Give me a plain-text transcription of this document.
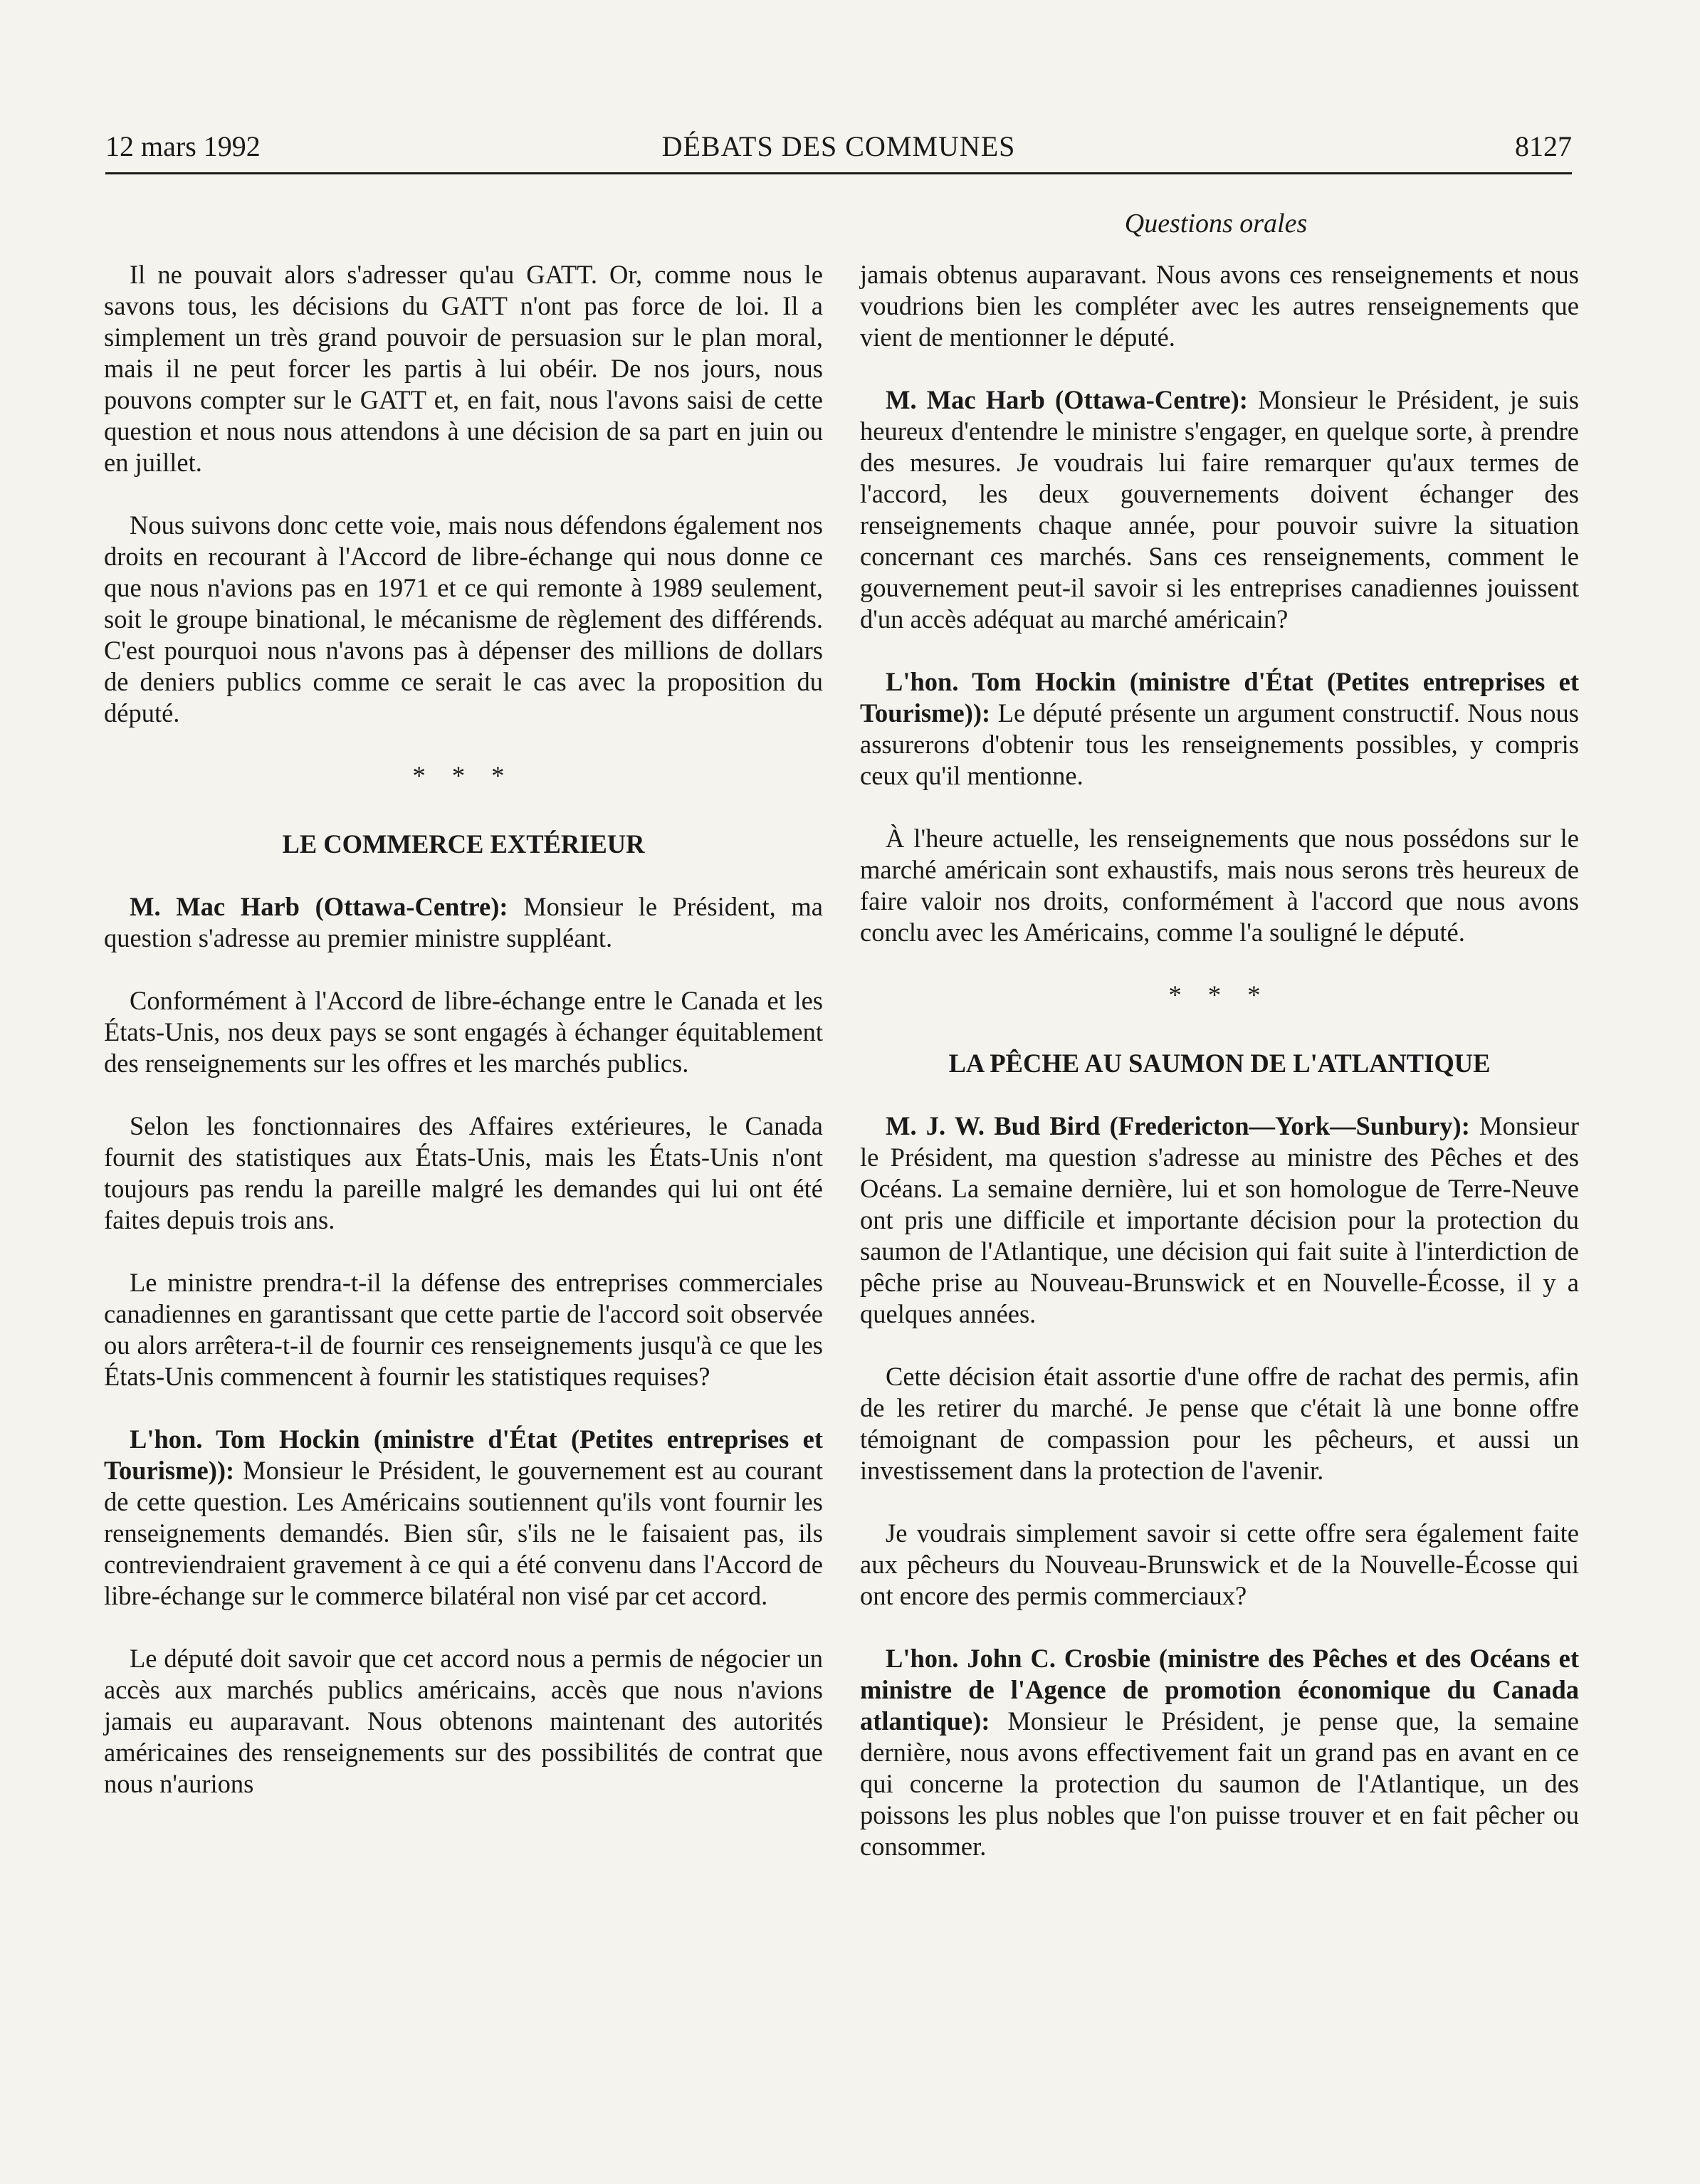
12 mars 1992	DÉBATS DES COMMUNES	8127
Questions orales

Il ne pouvait alors s'adresser qu'au GATT. Or, comme nous le savons tous, les décisions du GATT n'ont pas force de loi. Il a simplement un très grand pouvoir de persuasion sur le plan moral, mais il ne peut forcer les partis à lui obéir. De nos jours, nous pouvons compter sur le GATT et, en fait, nous l'avons saisi de cette question et nous nous attendons à une décision de sa part en juin ou en juillet.

Nous suivons donc cette voie, mais nous défendons également nos droits en recourant à l'Accord de libre-échange qui nous donne ce que nous n'avions pas en 1971 et ce qui remonte à 1989 seulement, soit le groupe binational, le mécanisme de règlement des différends. C'est pourquoi nous n'avons pas à dépenser des millions de dollars de deniers publics comme ce serait le cas avec la proposition du député.

* * *

LE COMMERCE EXTÉRIEUR

M. Mac Harb (Ottawa-Centre): Monsieur le Président, ma question s'adresse au premier ministre suppléant.

Conformément à l'Accord de libre-échange entre le Canada et les États-Unis, nos deux pays se sont engagés à échanger équitablement des renseignements sur les offres et les marchés publics.

Selon les fonctionnaires des Affaires extérieures, le Canada fournit des statistiques aux États-Unis, mais les États-Unis n'ont toujours pas rendu la pareille malgré les demandes qui lui ont été faites depuis trois ans.

Le ministre prendra-t-il la défense des entreprises commerciales canadiennes en garantissant que cette partie de l'accord soit observée ou alors arrêtera-t-il de fournir ces renseignements jusqu'à ce que les États-Unis commencent à fournir les statistiques requises?

L'hon. Tom Hockin (ministre d'État (Petites entreprises et Tourisme)): Monsieur le Président, le gouvernement est au courant de cette question. Les Américains soutiennent qu'ils vont fournir les renseignements demandés. Bien sûr, s'ils ne le faisaient pas, ils contreviendraient gravement à ce qui a été convenu dans l'Accord de libre-échange sur le commerce bilatéral non visé par cet accord.

Le député doit savoir que cet accord nous a permis de négocier un accès aux marchés publics américains, accès que nous n'avions jamais eu auparavant. Nous obtenons maintenant des autorités américaines des renseignements sur des possibilités de contrat que nous n'aurions

jamais obtenus auparavant. Nous avons ces renseignements et nous voudrions bien les compléter avec les autres renseignements que vient de mentionner le député.

M. Mac Harb (Ottawa-Centre): Monsieur le Président, je suis heureux d'entendre le ministre s'engager, en quelque sorte, à prendre des mesures. Je voudrais lui faire remarquer qu'aux termes de l'accord, les deux gouvernements doivent échanger des renseignements chaque année, pour pouvoir suivre la situation concernant ces marchés. Sans ces renseignements, comment le gouvernement peut-il savoir si les entreprises canadiennes jouissent d'un accès adéquat au marché américain?

L'hon. Tom Hockin (ministre d'État (Petites entreprises et Tourisme)): Le député présente un argument constructif. Nous nous assurerons d'obtenir tous les renseignements possibles, y compris ceux qu'il mentionne.

À l'heure actuelle, les renseignements que nous possédons sur le marché américain sont exhaustifs, mais nous serons très heureux de faire valoir nos droits, conformément à l'accord que nous avons conclu avec les Américains, comme l'a souligné le député.

* * *

LA PÊCHE AU SAUMON DE L'ATLANTIQUE

M. J. W. Bud Bird (Fredericton—York—Sunbury): Monsieur le Président, ma question s'adresse au ministre des Pêches et des Océans. La semaine dernière, lui et son homologue de Terre-Neuve ont pris une difficile et importante décision pour la protection du saumon de l'Atlantique, une décision qui fait suite à l'interdiction de pêche prise au Nouveau-Brunswick et en Nouvelle-Écosse, il y a quelques années.

Cette décision était assortie d'une offre de rachat des permis, afin de les retirer du marché. Je pense que c'était là une bonne offre témoignant de compassion pour les pêcheurs, et aussi un investissement dans la protection de l'avenir.

Je voudrais simplement savoir si cette offre sera également faite aux pêcheurs du Nouveau-Brunswick et de la Nouvelle-Écosse qui ont encore des permis commerciaux?

L'hon. John C. Crosbie (ministre des Pêches et des Océans et ministre de l'Agence de promotion économique du Canada atlantique): Monsieur le Président, je pense que, la semaine dernière, nous avons effectivement fait un grand pas en avant en ce qui concerne la protection du saumon de l'Atlantique, un des poissons les plus nobles que l'on puisse trouver et en fait pêcher ou consommer.
